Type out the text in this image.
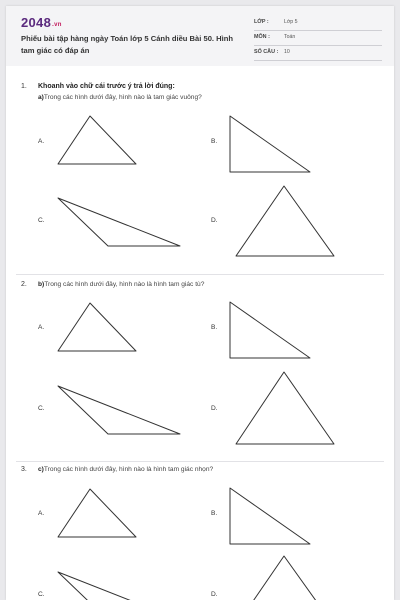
2048.vn
Phiếu bài tập hàng ngày Toán lớp 5 Cánh diều Bài 50. Hình tam giác có đáp án
LỚP :	Lớp 5
MÔN :	Toán
SỐ CÂU : 10
1. Khoanh vào chữ cái trước ý trả lời đúng:
a)Trong các hình dưới đây, hình nào là tam giác vuông?
A.	B.
C.	D.
2. b)Trong các hình dưới đây, hình nào là hình tam giác tù?
A.	B.
C.	D.
3. c)Trong các hình dưới đây, hình nào là hình tam giác nhọn?
A.	B.
C.	D.
